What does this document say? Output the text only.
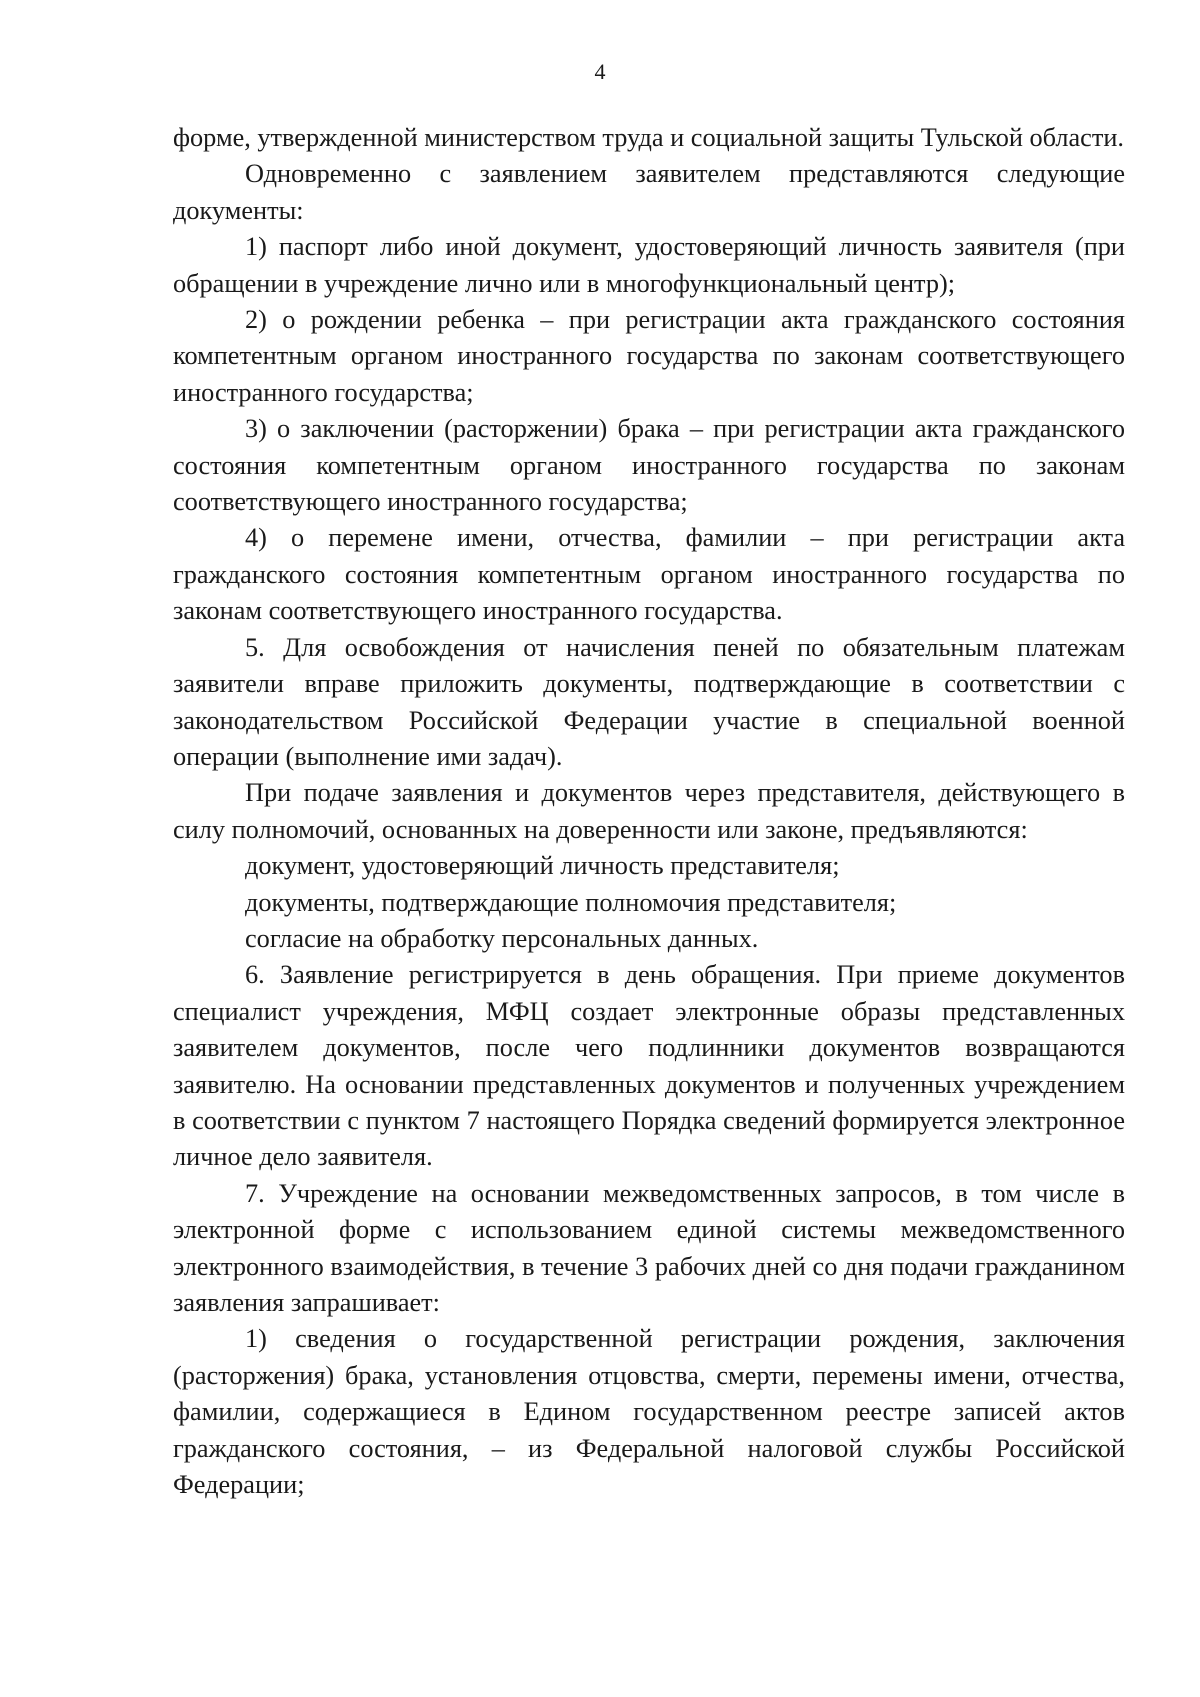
4

форме, утвержденной министерством труда и социальной защиты Тульской области.

Одновременно с заявлением заявителем представляются следующие документы:

1) паспорт либо иной документ, удостоверяющий личность заявителя (при обращении в учреждение лично или в многофункциональный центр);

2) о рождении ребенка – при регистрации акта гражданского состояния компетентным органом иностранного государства по законам соответствующего иностранного государства;

3) о заключении (расторжении) брака – при регистрации акта гражданского состояния компетентным органом иностранного государства по законам соответствующего иностранного государства;

4) о перемене имени, отчества, фамилии – при регистрации акта гражданского состояния компетентным органом иностранного государства по законам соответствующего иностранного государства.

5. Для освобождения от начисления пеней по обязательным платежам заявители вправе приложить документы, подтверждающие в соответствии с законодательством Российской Федерации участие в специальной военной операции (выполнение ими задач).

При подаче заявления и документов через представителя, действующего в силу полномочий, основанных на доверенности или законе, предъявляются:

документ, удостоверяющий личность представителя;

документы, подтверждающие полномочия представителя;

согласие на обработку персональных данных.

6. Заявление регистрируется в день обращения. При приеме документов специалист учреждения, МФЦ создает электронные образы представленных заявителем документов, после чего подлинники документов возвращаются заявителю. На основании представленных документов и полученных учреждением в соответствии с пунктом 7 настоящего Порядка сведений формируется электронное личное дело заявителя.

7. Учреждение на основании межведомственных запросов, в том числе в электронной форме с использованием единой системы межведомственного электронного взаимодействия, в течение 3 рабочих дней со дня подачи гражданином заявления запрашивает:

1) сведения о государственной регистрации рождения, заключения (расторжения) брака, установления отцовства, смерти, перемены имени, отчества, фамилии, содержащиеся в Едином государственном реестре записей актов гражданского состояния, – из Федеральной налоговой службы Российской Федерации;
